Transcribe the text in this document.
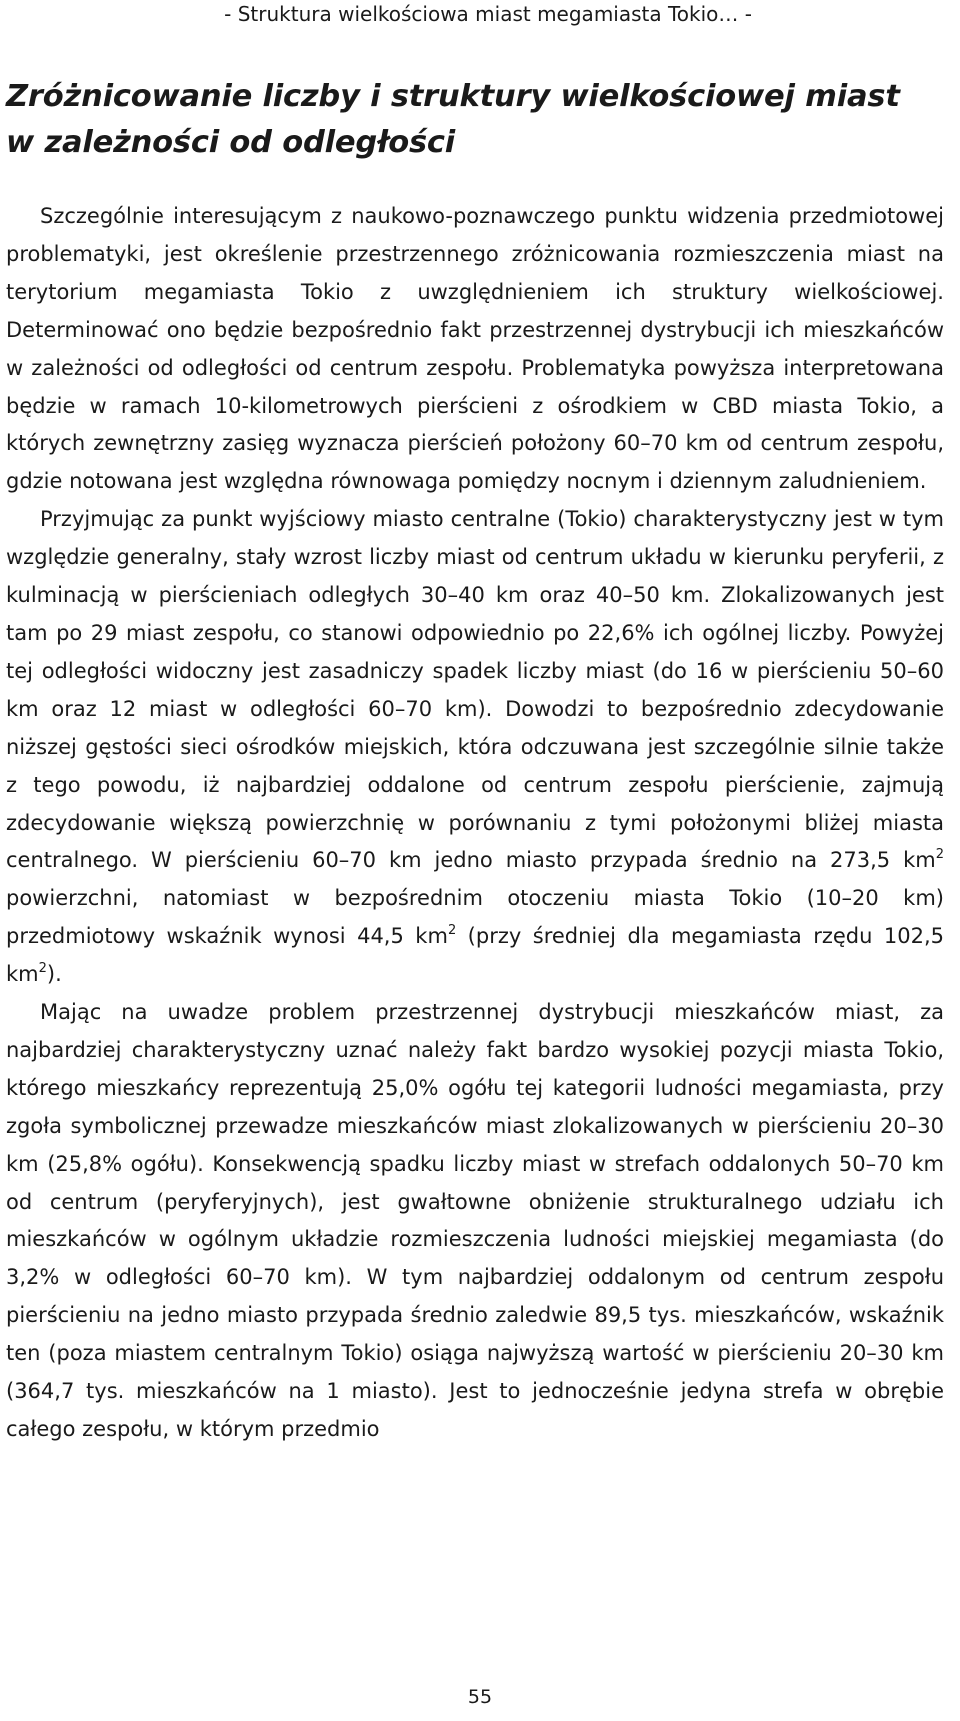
- Struktura wielkościowa miast megamiasta Tokio… -
Zróżnicowanie liczby i struktury wielkościowej miast
w zależności od odległości

Szczególnie interesującym z naukowo-poznawczego punktu widzenia przedmiotowej problematyki, jest określenie przestrzennego zróżnicowania rozmieszczenia miast na terytorium megamiasta Tokio z uwzględnieniem ich struktury wielkościowej. Determinować ono będzie bezpośrednio fakt przestrzennej dystrybucji ich mieszkańców w zależności od odległości od centrum zespołu. Problematyka powyższa interpretowana będzie w ramach 10-kilometrowych pierścieni z ośrodkiem w CBD miasta Tokio, a których zewnętrzny zasięg wyznacza pierścień położony 60–70 km od centrum zespołu, gdzie notowana jest względna równowaga pomiędzy nocnym i dziennym zaludnieniem.

Przyjmując za punkt wyjściowy miasto centralne (Tokio) charakterystyczny jest w tym względzie generalny, stały wzrost liczby miast od centrum układu w kierunku peryferii, z kulminacją w pierścieniach odległych 30–40 km oraz 40–50 km. Zlokalizowanych jest tam po 29 miast zespołu, co stanowi odpowiednio po 22,6% ich ogólnej liczby. Powyżej tej odległości widoczny jest zasadniczy spadek liczby miast (do 16 w pierścieniu 50–60 km oraz 12 miast w odległości 60–70 km). Dowodzi to bezpośrednio zdecydowanie niższej gęstości sieci ośrodków miejskich, która odczuwana jest szczególnie silnie także z tego powodu, iż najbardziej oddalone od centrum zespołu pierścienie, zajmują zdecydowanie większą powierzchnię w porównaniu z tymi położonymi bliżej miasta centralnego. W pierścieniu 60–70 km jedno miasto przypada średnio na 273,5 $km^2$ powierzchni, natomiast w bezpośrednim otoczeniu miasta Tokio (10–20 km) przedmiotowy wskaźnik wynosi 44,5 $km^2$ (przy średniej dla megamiasta rzędu 102,5 $km^2$).

Mając na uwadze problem przestrzennej dystrybucji mieszkańców miast, za najbardziej charakterystyczny uznać należy fakt bardzo wysokiej pozycji miasta Tokio, którego mieszkańcy reprezentują 25,0% ogółu tej kategorii ludności megamiasta, przy zgoła symbolicznej przewadze mieszkańców miast zlokalizowanych w pierścieniu 20–30 km (25,8% ogółu). Konsekwencją spadku liczby miast w strefach oddalonych 50–70 km od centrum (peryferyjnych), jest gwałtowne obniżenie strukturalnego udziału ich mieszkańców w ogólnym układzie rozmieszczenia ludności miejskiej megamiasta (do 3,2% w odległości 60–70 km). W tym najbardziej oddalonym od centrum zespołu pierścieniu na jedno miasto przypada średnio zaledwie 89,5 tys. mieszkańców, wskaźnik ten (poza miastem centralnym Tokio) osiąga najwyższą wartość w pierścieniu 20–30 km (364,7 tys. mieszkańców na 1 miasto). Jest to jednocześnie jedyna strefa w obrębie całego zespołu, w którym przedmio

55
